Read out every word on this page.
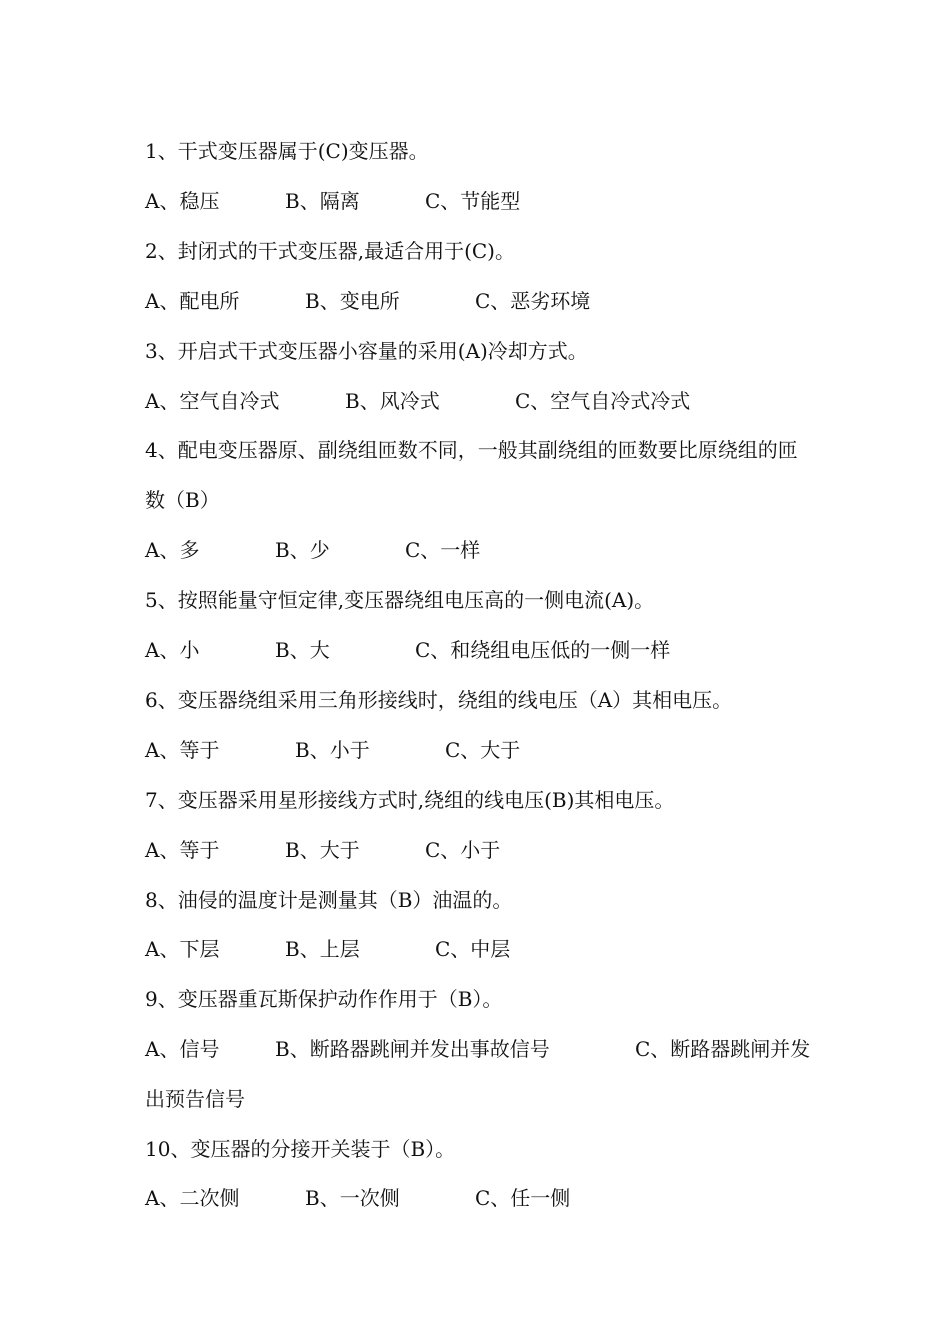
1、干式变压器属于(C)变压器。
A、稳压	B、隔离	C、节能型
2、封闭式的干式变压器,最适合用于(C)。
A、配电所	B、变电所	C、恶劣环境
3、开启式干式变压器小容量的采用(A)冷却方式。
A、空气自冷式	B、风冷式	C、空气自冷式冷式
4、配电变压器原、副绕组匝数不同，一般其副绕组的匝数要比原绕组的匝
数（B）
A、多	B、少	C、一样
5、按照能量守恒定律,变压器绕组电压高的一侧电流(A)。
A、小	B、大	C、和绕组电压低的一侧一样
6、变压器绕组采用三角形接线时，绕组的线电压（A）其相电压。
A、等于	B、小于	C、大于
7、变压器采用星形接线方式时,绕组的线电压(B)其相电压。
A、等于	B、大于	C、小于
8、油侵的温度计是测量其（B）油温的。
A、下层	B、上层	C、中层
9、变压器重瓦斯保护动作作用于（B）。
A、信号	B、断路器跳闸并发出事故信号	C、断路器跳闸并发
出预告信号
10、变压器的分接开关装于（B）。
A、二次侧	B、一次侧	C、任一侧
